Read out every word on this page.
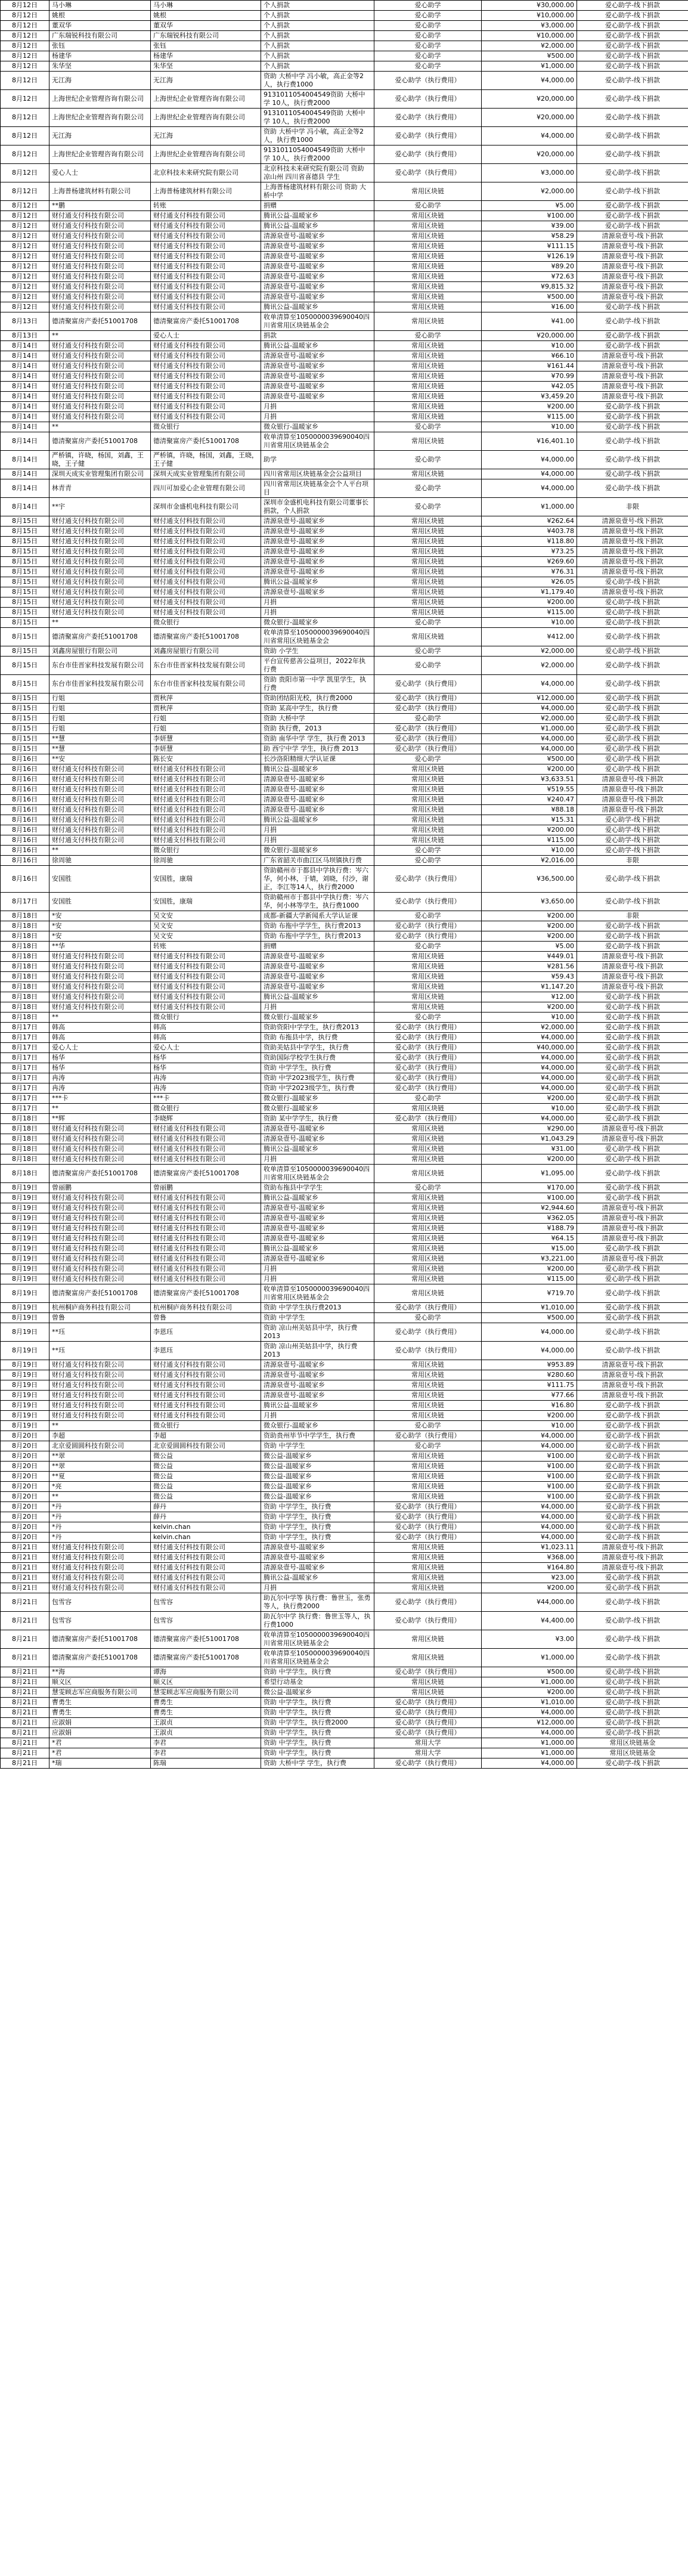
8月12日	马小琳	马小琳	个人捐款	爱心助学	¥30,000.00	爱心助学-线下捐款
8月12日	姚根	姚根	个人捐款	爱心助学	¥10,000.00	爱心助学-线下捐款
8月12日	董双华	董双华	个人捐款	爱心助学	¥3,000.00	爱心助学-线下捐款
8月12日	广东瑞锐科技有限公司	广东瑞锐科技有限公司	个人捐款	爱心助学	¥10,000.00	爱心助学-线下捐款
8月12日	张钰	张钰	个人捐款	爱心助学	¥2,000.00	爱心助学-线下捐款
8月12日	杨建华	杨建华	个人捐款	爱心助学	¥500.00	爱心助学-线下捐款
8月12日	朱华坚	朱华坚	个人捐款	爱心助学	¥1,000.00	爱心助学-线下捐款
8月12日	无江海	无江海	资助 大桥中学 冯小敏，高正金等2人，执行费1000	爱心助学（执行费用）	¥4,000.00	爱心助学-线下捐款
8月12日	上海世纪企业管理咨询有限公司	上海世纪企业管理咨询有限公司	9131011054004549资助 大桥中学 10人，执行费2000	爱心助学（执行费用）	¥20,000.00	爱心助学-线下捐款
8月12日	上海世纪企业管理咨询有限公司	上海世纪企业管理咨询有限公司	9131011054004549资助 大桥中学 10人，执行费2000	爱心助学（执行费用）	¥20,000.00	爱心助学-线下捐款
8月12日	无江海	无江海	资助 大桥中学 冯小敏，高正金等2人，执行费1000	爱心助学（执行费用）	¥4,000.00	爱心助学-线下捐款
8月12日	上海世纪企业管理咨询有限公司	上海世纪企业管理咨询有限公司	9131011054004549资助 大桥中学 10人，执行费2000	爱心助学（执行费用）	¥20,000.00	爱心助学-线下捐款
8月12日	爱心人士	北京科技未来研究院有限公司	北京科技未来研究院有限公司 资助 凉山州 四川省喜德县 学生	爱心助学（执行费用）	¥3,000.00	爱心助学-线下捐款
8月12日	上海普杨建筑材料有限公司	上海普杨建筑材料有限公司	上海普杨建筑材料有限公司 资助 大桥中学	常用区块链	¥2,000.00	爱心助学-线下捐款
8月12日	**鹏	转账	捐赠	爱心助学	¥5.00	爱心助学-线下捐款
8月12日	财付通支付科技有限公司	财付通支付科技有限公司	腾讯公益-温暖家乡	常用区块链	¥100.00	爱心助学-线下捐款
8月12日	财付通支付科技有限公司	财付通支付科技有限公司	腾讯公益-温暖家乡	常用区块链	¥39.00	爱心助学-线下捐款
8月12日	财付通支付科技有限公司	财付通支付科技有限公司	清源泉壹号-温暖家乡	常用区块链	¥58.29	清源泉壹号-线下捐款
8月12日	财付通支付科技有限公司	财付通支付科技有限公司	清源泉壹号-温暖家乡	常用区块链	¥111.15	清源泉壹号-线下捐款
8月12日	财付通支付科技有限公司	财付通支付科技有限公司	清源泉壹号-温暖家乡	常用区块链	¥126.19	清源泉壹号-线下捐款
8月12日	财付通支付科技有限公司	财付通支付科技有限公司	清源泉壹号-温暖家乡	常用区块链	¥89.20	清源泉壹号-线下捐款
8月12日	财付通支付科技有限公司	财付通支付科技有限公司	清源泉壹号-温暖家乡	常用区块链	¥72.63	清源泉壹号-线下捐款
8月12日	财付通支付科技有限公司	财付通支付科技有限公司	清源泉壹号-温暖家乡	常用区块链	¥9,815.32	清源泉壹号-线下捐款
8月12日	财付通支付科技有限公司	财付通支付科技有限公司	清源泉壹号-温暖家乡	常用区块链	¥500.00	清源泉壹号-线下捐款
8月12日	财付通支付科技有限公司	财付通支付科技有限公司	腾讯公益-温暖家乡	常用区块链	¥16.00	爱心助学-线下捐款
8月13日	德清聚富房产委托51001708	德清聚富房产委托51001708	收单清算至1050000039690040四川省常用区块链基金会	常用区块链	¥41.00	爱心助学-线下捐款
8月13日	**	爱心人士	捐款	爱心助学	¥20,000.00	爱心助学-线下捐款
8月14日	财付通支付科技有限公司	财付通支付科技有限公司	腾讯公益-温暖家乡	常用区块链	¥10.00	爱心助学-线下捐款
8月14日	财付通支付科技有限公司	财付通支付科技有限公司	清源泉壹号-温暖家乡	常用区块链	¥66.10	清源泉壹号-线下捐款
8月14日	财付通支付科技有限公司	财付通支付科技有限公司	清源泉壹号-温暖家乡	常用区块链	¥161.44	清源泉壹号-线下捐款
8月14日	财付通支付科技有限公司	财付通支付科技有限公司	清源泉壹号-温暖家乡	常用区块链	¥70.99	清源泉壹号-线下捐款
8月14日	财付通支付科技有限公司	财付通支付科技有限公司	清源泉壹号-温暖家乡	常用区块链	¥42.05	清源泉壹号-线下捐款
8月14日	财付通支付科技有限公司	财付通支付科技有限公司	清源泉壹号-温暖家乡	常用区块链	¥3,459.20	清源泉壹号-线下捐款
8月14日	财付通支付科技有限公司	财付通支付科技有限公司	月捐	常用区块链	¥200.00	爱心助学-线下捐款
8月14日	财付通支付科技有限公司	财付通支付科技有限公司	月捐	常用区块链	¥115.00	爱心助学-线下捐款
8月14日	**	微众银行	微众银行-温暖家乡	爱心助学	¥10.00	爱心助学-线下捐款
8月14日	德清聚富房产委托51001708	德清聚富房产委托51001708	收单清算至1050000039690040四川省常用区块链基金会	常用区块链	¥16,401.10	爱心助学-线下捐款
8月14日	严桥镇，许晓，杨国，刘鑫，王晓，王子健	严桥镇，许晓，杨国，刘鑫，王晓，王子健	助学	爱心助学	¥4,000.00	爱心助学-线下捐款
8月14日	深圳天成实业管理集团有限公司	深圳天成实业管理集团有限公司	四川省常用区块链基金会公益项目	常用区块链	¥4,000.00	爱心助学-线下捐款
8月14日	林青青	四川可加爱心企业管理有限公司	四川省常用区块链基金会个人平台项目	爱心助学	¥4,000.00	爱心助学-线下捐款
8月14日	**宇	深圳市金盛机电科技有限公司	深圳市金盛机电科技有限公司董事长捐款，个人捐款	爱心助学	¥1,000.00	非限
8月15日	财付通支付科技有限公司	财付通支付科技有限公司	清源泉壹号-温暖家乡	常用区块链	¥262.64	清源泉壹号-线下捐款
8月15日	财付通支付科技有限公司	财付通支付科技有限公司	清源泉壹号-温暖家乡	常用区块链	¥403.78	清源泉壹号-线下捐款
8月15日	财付通支付科技有限公司	财付通支付科技有限公司	清源泉壹号-温暖家乡	常用区块链	¥118.80	清源泉壹号-线下捐款
8月15日	财付通支付科技有限公司	财付通支付科技有限公司	清源泉壹号-温暖家乡	常用区块链	¥73.25	清源泉壹号-线下捐款
8月15日	财付通支付科技有限公司	财付通支付科技有限公司	清源泉壹号-温暖家乡	常用区块链	¥269.60	清源泉壹号-线下捐款
8月15日	财付通支付科技有限公司	财付通支付科技有限公司	清源泉壹号-温暖家乡	常用区块链	¥76.31	清源泉壹号-线下捐款
8月15日	财付通支付科技有限公司	财付通支付科技有限公司	腾讯公益-温暖家乡	常用区块链	¥26.05	爱心助学-线下捐款
8月15日	财付通支付科技有限公司	财付通支付科技有限公司	清源泉壹号-温暖家乡	常用区块链	¥1,179.40	清源泉壹号-线下捐款
8月15日	财付通支付科技有限公司	财付通支付科技有限公司	月捐	常用区块链	¥200.00	爱心助学-线下捐款
8月15日	财付通支付科技有限公司	财付通支付科技有限公司	月捐	常用区块链	¥115.00	爱心助学-线下捐款
8月15日	**	微众银行	微众银行-温暖家乡	爱心助学	¥10.00	爱心助学-线下捐款
8月15日	德清聚富房产委托51001708	德清聚富房产委托51001708	收单清算至1050000039690040四川省常用区块链基金会	常用区块链	¥412.00	爱心助学-线下捐款
8月15日	刘鑫房屋银行有限公司	刘鑫房屋银行有限公司	资助 小学生	爱心助学	¥2,000.00	爱心助学-线下捐款
8月15日	东台市佳晋家科技发展有限公司	东台市佳晋家科技发展有限公司	平台宣传慈善公益项目，2022年执行费	爱心助学	¥2,000.00	爱心助学-线下捐款
8月15日	东台市佳晋家科技发展有限公司	东台市佳晋家科技发展有限公司	资助 贵阳市第一中学 凯里学生，执行费	爱心助学（执行费用）	¥4,000.00	爱心助学-线下捐款
8月15日	行姐	贾秋萍	资助团结阳光校，执行费2000	爱心助学（执行费用）	¥12,000.00	爱心助学-线下捐款
8月15日	行姐	贾秋萍	资助 某高中学生，执行费	爱心助学（执行费用）	¥4,000.00	爱心助学-线下捐款
8月15日	行姐	行姐	资助 大桥中学	爱心助学	¥2,000.00	爱心助学-线下捐款
8月15日	行姐	行姐	资助 执行费，2013	爱心助学（执行费用）	¥1,000.00	爱心助学-线下捐款
8月15日	**慧	李妍慧	资助 南华中学 学生，执行费 2013	爱心助学（执行费用）	¥4,000.00	爱心助学-线下捐款
8月15日	**慧	李妍慧	助 西宁中学 学生，执行费 2013	爱心助学（执行费用）	¥4,000.00	爱心助学-线下捐款
8月16日	**安	陈长安	长沙洛阳精细大学认证课	爱心助学	¥500.00	爱心助学-线下捐款
8月16日	财付通支付科技有限公司	财付通支付科技有限公司	腾讯公益-温暖家乡	常用区块链	¥200.00	爱心助学-线下捐款
8月16日	财付通支付科技有限公司	财付通支付科技有限公司	清源泉壹号-温暖家乡	常用区块链	¥3,633.51	清源泉壹号-线下捐款
8月16日	财付通支付科技有限公司	财付通支付科技有限公司	清源泉壹号-温暖家乡	常用区块链	¥519.55	清源泉壹号-线下捐款
8月16日	财付通支付科技有限公司	财付通支付科技有限公司	清源泉壹号-温暖家乡	常用区块链	¥240.47	清源泉壹号-线下捐款
8月16日	财付通支付科技有限公司	财付通支付科技有限公司	清源泉壹号-温暖家乡	常用区块链	¥88.18	清源泉壹号-线下捐款
8月16日	财付通支付科技有限公司	财付通支付科技有限公司	腾讯公益-温暖家乡	常用区块链	¥15.31	爱心助学-线下捐款
8月16日	财付通支付科技有限公司	财付通支付科技有限公司	月捐	常用区块链	¥200.00	爱心助学-线下捐款
8月16日	财付通支付科技有限公司	财付通支付科技有限公司	月捐	常用区块链	¥115.00	爱心助学-线下捐款
8月16日	**	微众银行	微众银行-温暖家乡	爱心助学	¥10.00	爱心助学-线下捐款
8月16日	徐周驰	徐周驰	广东省韶关市曲江区马坝镇执行费	爱心助学	¥2,016.00	非限
8月16日	安国胜	安国胜，康瑞	资助赣州市于都县中学执行费：岑六华，何小林，于婧，刘晓，付沙，谢正，李江等14人，执行费2000	爱心助学（执行费用）	¥36,500.00	爱心助学-线下捐款
8月17日	安国胜	安国胜，康瑞	资助赣州市于都县中学执行费：岑六华，何小林等学生，执行费1000	爱心助学（执行费用）	¥3,650.00	爱心助学-线下捐款
8月18日	*安	吴文安	成都-新疆大学新闻系大学认证课	爱心助学	¥200.00	非限
8月18日	*安	吴文安	资助 布拖中学学生，执行费2013	爱心助学（执行费用）	¥200.00	爱心助学-线下捐款
8月18日	*安	吴文安	资助 布拖中学学生，执行费2013	爱心助学（执行费用）	¥200.00	爱心助学-线下捐款
8月18日	**华	转账	捐赠	爱心助学	¥5.00	爱心助学-线下捐款
8月18日	财付通支付科技有限公司	财付通支付科技有限公司	清源泉壹号-温暖家乡	常用区块链	¥449.01	清源泉壹号-线下捐款
8月18日	财付通支付科技有限公司	财付通支付科技有限公司	清源泉壹号-温暖家乡	常用区块链	¥281.56	清源泉壹号-线下捐款
8月18日	财付通支付科技有限公司	财付通支付科技有限公司	清源泉壹号-温暖家乡	常用区块链	¥59.43	清源泉壹号-线下捐款
8月18日	财付通支付科技有限公司	财付通支付科技有限公司	清源泉壹号-温暖家乡	常用区块链	¥1,147.20	清源泉壹号-线下捐款
8月18日	财付通支付科技有限公司	财付通支付科技有限公司	腾讯公益-温暖家乡	常用区块链	¥12.00	爱心助学-线下捐款
8月18日	财付通支付科技有限公司	财付通支付科技有限公司	月捐	常用区块链	¥200.00	爱心助学-线下捐款
8月18日	**	微众银行	微众银行-温暖家乡	爱心助学	¥10.00	爱心助学-线下捐款
8月17日	韩高	韩高	资助资阳中学学生，执行费2013	爱心助学（执行费用）	¥2,000.00	爱心助学-线下捐款
8月17日	韩高	韩高	资助 布拖县中学，执行费	爱心助学（执行费用）	¥4,000.00	爱心助学-线下捐款
8月17日	爱心人士	爱心人士	资助美姑县中学学生，执行费	爱心助学（执行费用）	¥40,000.00	爱心助学-线下捐款
8月17日	杨华	杨华	资助国际学校学生执行费	爱心助学（执行费用）	¥4,000.00	爱心助学-线下捐款
8月17日	杨华	杨华	资助 中学学生，执行费	爱心助学（执行费用）	¥4,000.00	爱心助学-线下捐款
8月17日	冉涛	冉涛	资助 中学2023级学生，执行费	爱心助学（执行费用）	¥4,000.00	爱心助学-线下捐款
8月17日	冉涛	冉涛	资助 中学2023级学生，执行费	爱心助学（执行费用）	¥4,000.00	爱心助学-线下捐款
8月17日	***卡	***卡	微众银行-温暖家乡	爱心助学	¥200.00	爱心助学-线下捐款
8月17日	**	微众银行	微众银行-温暖家乡	常用区块链	¥10.00	爱心助学-线下捐款
8月18日	**辉	李晓辉	资助 某中学学生，执行费	爱心助学（执行费用）	¥4,000.00	爱心助学-线下捐款
8月18日	财付通支付科技有限公司	财付通支付科技有限公司	清源泉壹号-温暖家乡	常用区块链	¥290.00	清源泉壹号-线下捐款
8月18日	财付通支付科技有限公司	财付通支付科技有限公司	清源泉壹号-温暖家乡	常用区块链	¥1,043.29	清源泉壹号-线下捐款
8月18日	财付通支付科技有限公司	财付通支付科技有限公司	腾讯公益-温暖家乡	常用区块链	¥31.00	爱心助学-线下捐款
8月18日	财付通支付科技有限公司	财付通支付科技有限公司	月捐	常用区块链	¥200.00	爱心助学-线下捐款
8月18日	德清聚富房产委托51001708	德清聚富房产委托51001708	收单清算至1050000039690040四川省常用区块链基金会	常用区块链	¥1,095.00	爱心助学-线下捐款
8月19日	曾丽鹏	曾丽鹏	资助布拖县中学学生	爱心助学	¥170.00	爱心助学-线下捐款
8月19日	财付通支付科技有限公司	财付通支付科技有限公司	腾讯公益-温暖家乡	常用区块链	¥100.00	爱心助学-线下捐款
8月19日	财付通支付科技有限公司	财付通支付科技有限公司	清源泉壹号-温暖家乡	常用区块链	¥2,944.60	清源泉壹号-线下捐款
8月19日	财付通支付科技有限公司	财付通支付科技有限公司	清源泉壹号-温暖家乡	常用区块链	¥362.05	清源泉壹号-线下捐款
8月19日	财付通支付科技有限公司	财付通支付科技有限公司	清源泉壹号-温暖家乡	常用区块链	¥188.79	清源泉壹号-线下捐款
8月19日	财付通支付科技有限公司	财付通支付科技有限公司	清源泉壹号-温暖家乡	常用区块链	¥64.15	清源泉壹号-线下捐款
8月19日	财付通支付科技有限公司	财付通支付科技有限公司	腾讯公益-温暖家乡	常用区块链	¥15.00	爱心助学-线下捐款
8月19日	财付通支付科技有限公司	财付通支付科技有限公司	清源泉壹号-温暖家乡	常用区块链	¥3,221.00	清源泉壹号-线下捐款
8月19日	财付通支付科技有限公司	财付通支付科技有限公司	月捐	常用区块链	¥200.00	爱心助学-线下捐款
8月19日	财付通支付科技有限公司	财付通支付科技有限公司	月捐	常用区块链	¥115.00	爱心助学-线下捐款
8月19日	德清聚富房产委托51001708	德清聚富房产委托51001708	收单清算至1050000039690040四川省常用区块链基金会	常用区块链	¥719.70	爱心助学-线下捐款
8月19日	杭州桐庐商务科技有限公司	杭州桐庐商务科技有限公司	资助 中学学生执行费2013	爱心助学（执行费用）	¥1,010.00	爱心助学-线下捐款
8月19日	曾鲁	曾鲁	资助 中学学生	爱心助学	¥500.00	爱心助学-线下捐款
8月19日	**珏	李恩珏	资助 凉山州美姑县中学，执行费2013	爱心助学（执行费用）	¥4,000.00	爱心助学-线下捐款
8月19日	**珏	李恩珏	资助 凉山州美姑县中学，执行费2013	爱心助学（执行费用）	¥4,000.00	爱心助学-线下捐款
8月19日	财付通支付科技有限公司	财付通支付科技有限公司	清源泉壹号-温暖家乡	常用区块链	¥953.89	清源泉壹号-线下捐款
8月19日	财付通支付科技有限公司	财付通支付科技有限公司	清源泉壹号-温暖家乡	常用区块链	¥280.60	清源泉壹号-线下捐款
8月19日	财付通支付科技有限公司	财付通支付科技有限公司	清源泉壹号-温暖家乡	常用区块链	¥111.75	清源泉壹号-线下捐款
8月19日	财付通支付科技有限公司	财付通支付科技有限公司	清源泉壹号-温暖家乡	常用区块链	¥77.66	清源泉壹号-线下捐款
8月19日	财付通支付科技有限公司	财付通支付科技有限公司	腾讯公益-温暖家乡	常用区块链	¥16.80	爱心助学-线下捐款
8月19日	财付通支付科技有限公司	财付通支付科技有限公司	月捐	常用区块链	¥200.00	爱心助学-线下捐款
8月19日	**	微众银行	微众银行-温暖家乡	爱心助学	¥10.00	爱心助学-线下捐款
8月20日	李超	李超	资助贵州毕节中学学生，执行费	爱心助学（执行费用）	¥4,000.00	爱心助学-线下捐款
8月20日	北京爱圆圆科技有限公司	北京爱圆圆科技有限公司	资助 中学学生	爱心助学	¥4,000.00	爱心助学-线下捐款
8月20日	**翠	微公益	微公益-温暖家乡	常用区块链	¥100.00	爱心助学-线下捐款
8月20日	**翠	微公益	微公益-温暖家乡	常用区块链	¥100.00	爱心助学-线下捐款
8月20日	**夏	微公益	微公益-温暖家乡	常用区块链	¥100.00	爱心助学-线下捐款
8月20日	*亮	微公益	微公益-温暖家乡	常用区块链	¥100.00	爱心助学-线下捐款
8月20日	**	微公益	微公益-温暖家乡	常用区块链	¥100.00	爱心助学-线下捐款
8月20日	*丹	薛丹	资助 中学学生，执行费	爱心助学（执行费用）	¥4,000.00	爱心助学-线下捐款
8月20日	*丹	薛丹	资助 中学学生，执行费	爱心助学（执行费用）	¥4,000.00	爱心助学-线下捐款
8月20日	*丹	kelvin.chan	资助 中学学生，执行费	爱心助学（执行费用）	¥4,000.00	爱心助学-线下捐款
8月20日	*丹	kelvin.chan	资助 中学学生，执行费	爱心助学（执行费用）	¥4,000.00	爱心助学-线下捐款
8月21日	财付通支付科技有限公司	财付通支付科技有限公司	清源泉壹号-温暖家乡	常用区块链	¥1,023.11	清源泉壹号-线下捐款
8月21日	财付通支付科技有限公司	财付通支付科技有限公司	清源泉壹号-温暖家乡	常用区块链	¥368.00	清源泉壹号-线下捐款
8月21日	财付通支付科技有限公司	财付通支付科技有限公司	清源泉壹号-温暖家乡	常用区块链	¥164.80	清源泉壹号-线下捐款
8月21日	财付通支付科技有限公司	财付通支付科技有限公司	腾讯公益-温暖家乡	常用区块链	¥23.00	爱心助学-线下捐款
8月21日	财付通支付科技有限公司	财付通支付科技有限公司	月捐	常用区块链	¥200.00	爱心助学-线下捐款
8月21日	包雪容	包雪容	助瓦尔中学等 执行费：鲁世玉，张勇等人，执行费2000	爱心助学（执行费用）	¥44,000.00	爱心助学-线下捐款
8月21日	包雪容	包雪容	助瓦尔中学 执行费：鲁世玉等人，执行费1000	爱心助学（执行费用）	¥4,400.00	爱心助学-线下捐款
8月21日	德清聚富房产委托51001708	德清聚富房产委托51001708	收单清算至1050000039690040四川省常用区块链基金会	常用区块链	¥3.00	爱心助学-线下捐款
8月21日	德清聚富房产委托51001708	德清聚富房产委托51001708	收单清算至1050000039690040四川省常用区块链基金会	常用区块链	¥1,000.00	爱心助学-线下捐款
8月21日	**海	谭海	资助 中学学生，执行费	爱心助学（执行费用）	¥500.00	爱心助学-线下捐款
8月21日	顺义区	顺义区	希望行动基金	常用区块链	¥1,000.00	爱心助学-线下捐款
8月21日	慧雯顾志军应商服务有限公司	慧雯顾志军应商服务有限公司	微公益-温暖家乡	常用区块链	¥200.00	爱心助学-线下捐款
8月21日	曹勇生	曹勇生	资助 中学学生，执行费	爱心助学（执行费用）	¥1,010.00	爱心助学-线下捐款
8月21日	曹勇生	曹勇生	资助 中学学生，执行费	爱心助学（执行费用）	¥4,000.00	爱心助学-线下捐款
8月21日	应淑娟	王淑贞	资助 中学学生，执行费2000	爱心助学（执行费用）	¥12,000.00	爱心助学-线下捐款
8月21日	应淑娟	王淑贞	资助 中学学生，执行费	爱心助学（执行费用）	¥4,000.00	爱心助学-线下捐款
8月21日	*君	李君	资助 中学学生，执行费	常用大学	¥1,000.00	常用区块链基金
8月21日	*君	李君	资助 中学学生，执行费	常用大学	¥1,000.00	常用区块链基金
8月21日	*瑞	陈瑞	资助 大桥中学 学生，执行费	爱心助学（执行费用）	¥4,000.00	爱心助学-线下捐款
